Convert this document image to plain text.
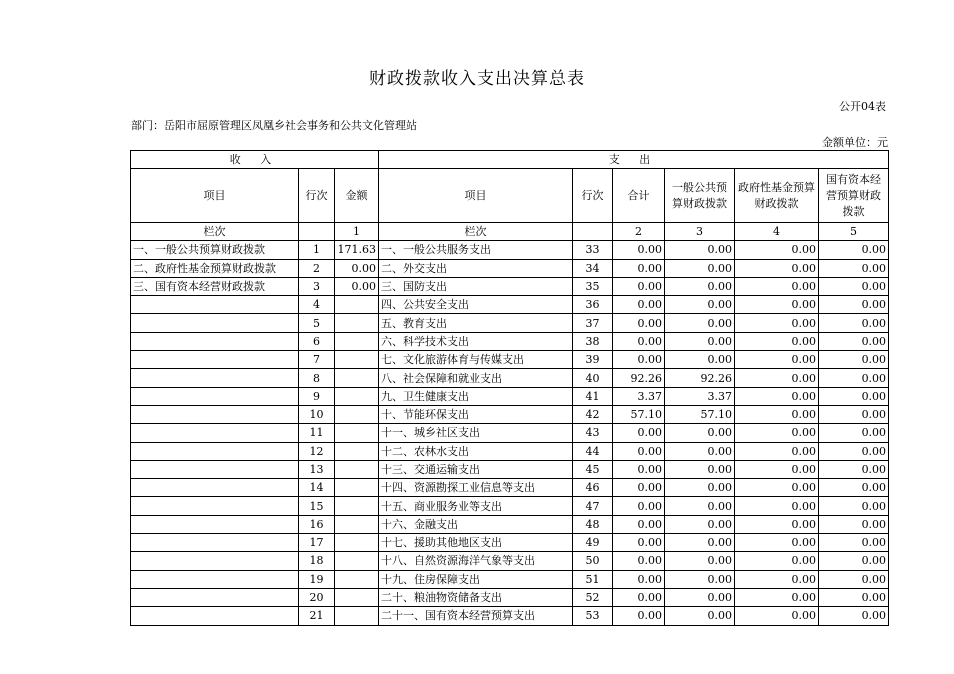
财政拨款收入支出决算总表
公开04表
部门：岳阳市屈原管理区凤凰乡社会事务和公共文化管理站
金额单位：元
收 入			支 出					
项目	行次	金额	项目	行次	合计	一般公共预算财政拨款	政府性基金预算财政拨款	国有资本经营预算财政拨款
栏次		1	栏次		2	3	4	5
一、一般公共预算财政拨款	1	171.63	一、一般公共服务支出	33	0.00	0.00	0.00	0.00
二、政府性基金预算财政拨款	2	0.00	二、外交支出	34	0.00	0.00	0.00	0.00
三、国有资本经营财政拨款	3	0.00	三、国防支出	35	0.00	0.00	0.00	0.00
	4		四、公共安全支出	36	0.00	0.00	0.00	0.00
	5		五、教育支出	37	0.00	0.00	0.00	0.00
	6		六、科学技术支出	38	0.00	0.00	0.00	0.00
	7		七、文化旅游体育与传媒支出	39	0.00	0.00	0.00	0.00
	8		八、社会保障和就业支出	40	92.26	92.26	0.00	0.00
	9		九、卫生健康支出	41	3.37	3.37	0.00	0.00
	10		十、节能环保支出	42	57.10	57.10	0.00	0.00
	11		十一、城乡社区支出	43	0.00	0.00	0.00	0.00
	12		十二、农林水支出	44	0.00	0.00	0.00	0.00
	13		十三、交通运输支出	45	0.00	0.00	0.00	0.00
	14		十四、资源勘探工业信息等支出	46	0.00	0.00	0.00	0.00
	15		十五、商业服务业等支出	47	0.00	0.00	0.00	0.00
	16		十六、金融支出	48	0.00	0.00	0.00	0.00
	17		十七、援助其他地区支出	49	0.00	0.00	0.00	0.00
	18		十八、自然资源海洋气象等支出	50	0.00	0.00	0.00	0.00
	19		十九、住房保障支出	51	0.00	0.00	0.00	0.00
	20		二十、粮油物资储备支出	52	0.00	0.00	0.00	0.00
	21		二十一、国有资本经营预算支出	53	0.00	0.00	0.00	0.00
